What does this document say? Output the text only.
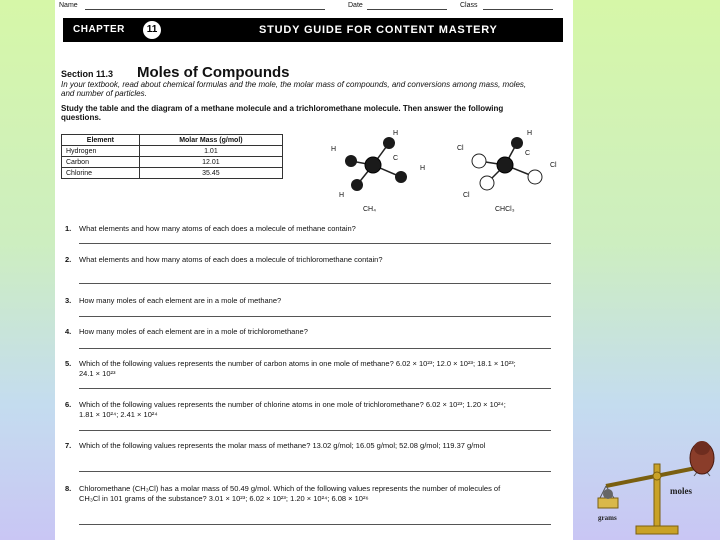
Name	Date	Class
CHAPTER	11	STUDY GUIDE FOR CONTENT MASTERY
Section 11.3 Moles of Compounds
In your textbook, read about chemical formulas and the mole, the molar mass of compounds, and conversions among mass, moles, and number of particles.
Study the table and the diagram of a methane molecule and a trichloromethane molecule. Then answer the following questions.
Element	Molar Mass (g/mol)
Hydrogen	1.01
Carbon	12.01
Chlorine	35.45
H
H
C
H
H
CH₄
H
Cl
C
Cl
Cl
CHCl₃
1. What elements and how many atoms of each does a molecule of methane contain?
2. What elements and how many atoms of each does a molecule of trichloromethane contain?
3. How many moles of each element are in a mole of methane?
4. How many moles of each element are in a mole of trichloromethane?
5. Which of the following values represents the number of carbon atoms in one mole of methane? 6.02 × 10²³; 12.0 × 10²³; 18.1 × 10²³; 24.1 × 10²³
6. Which of the following values represents the number of chlorine atoms in one mole of trichloromethane? 6.02 × 10²³; 1.20 × 10²⁴; 1.81 × 10²⁴; 2.41 × 10²⁴
7. Which of the following values represents the molar mass of methane? 13.02 g/mol; 16.05 g/mol; 52.08 g/mol; 119.37 g/mol
8. Chloromethane (CH₃Cl) has a molar mass of 50.49 g/mol. Which of the following values represents the number of molecules of CH₃Cl in 101 grams of the substance? 3.01 × 10²³; 6.02 × 10²³; 1.20 × 10²⁴; 6.08 × 10²⁶
grams
moles
